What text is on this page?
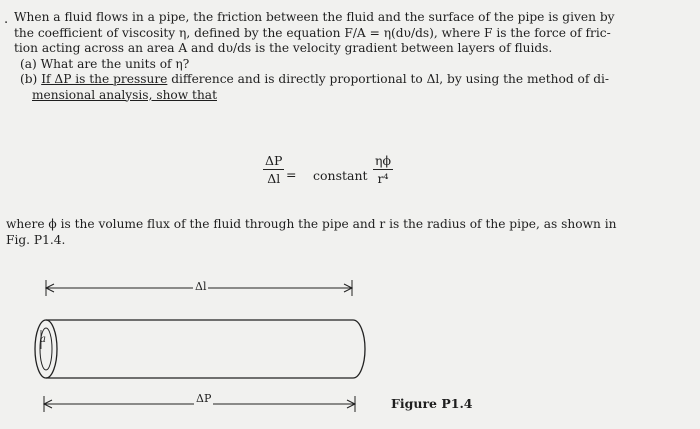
. When a fluid flows in a pipe, the friction between the fluid and the surface of the pipe is given by
the coefficient of viscosity η, defined by the equation F/A = η(dυ/ds), where F is the force of fric-
tion acting across an area A and dυ/ds is the velocity gradient between layers of fluids.
(a) What are the units of η?
(b) If ΔP is the pressure difference and is directly proportional to Δl, by using the method of di-
mensional analysis, show that
ΔP
Δl = constant
ηϕ
r⁴
where ϕ is the volume flux of the fluid through the pipe and r is the radius of the pipe, as shown in
Fig. P1.4.
Δl
ΔP
a
Figure P1.4
